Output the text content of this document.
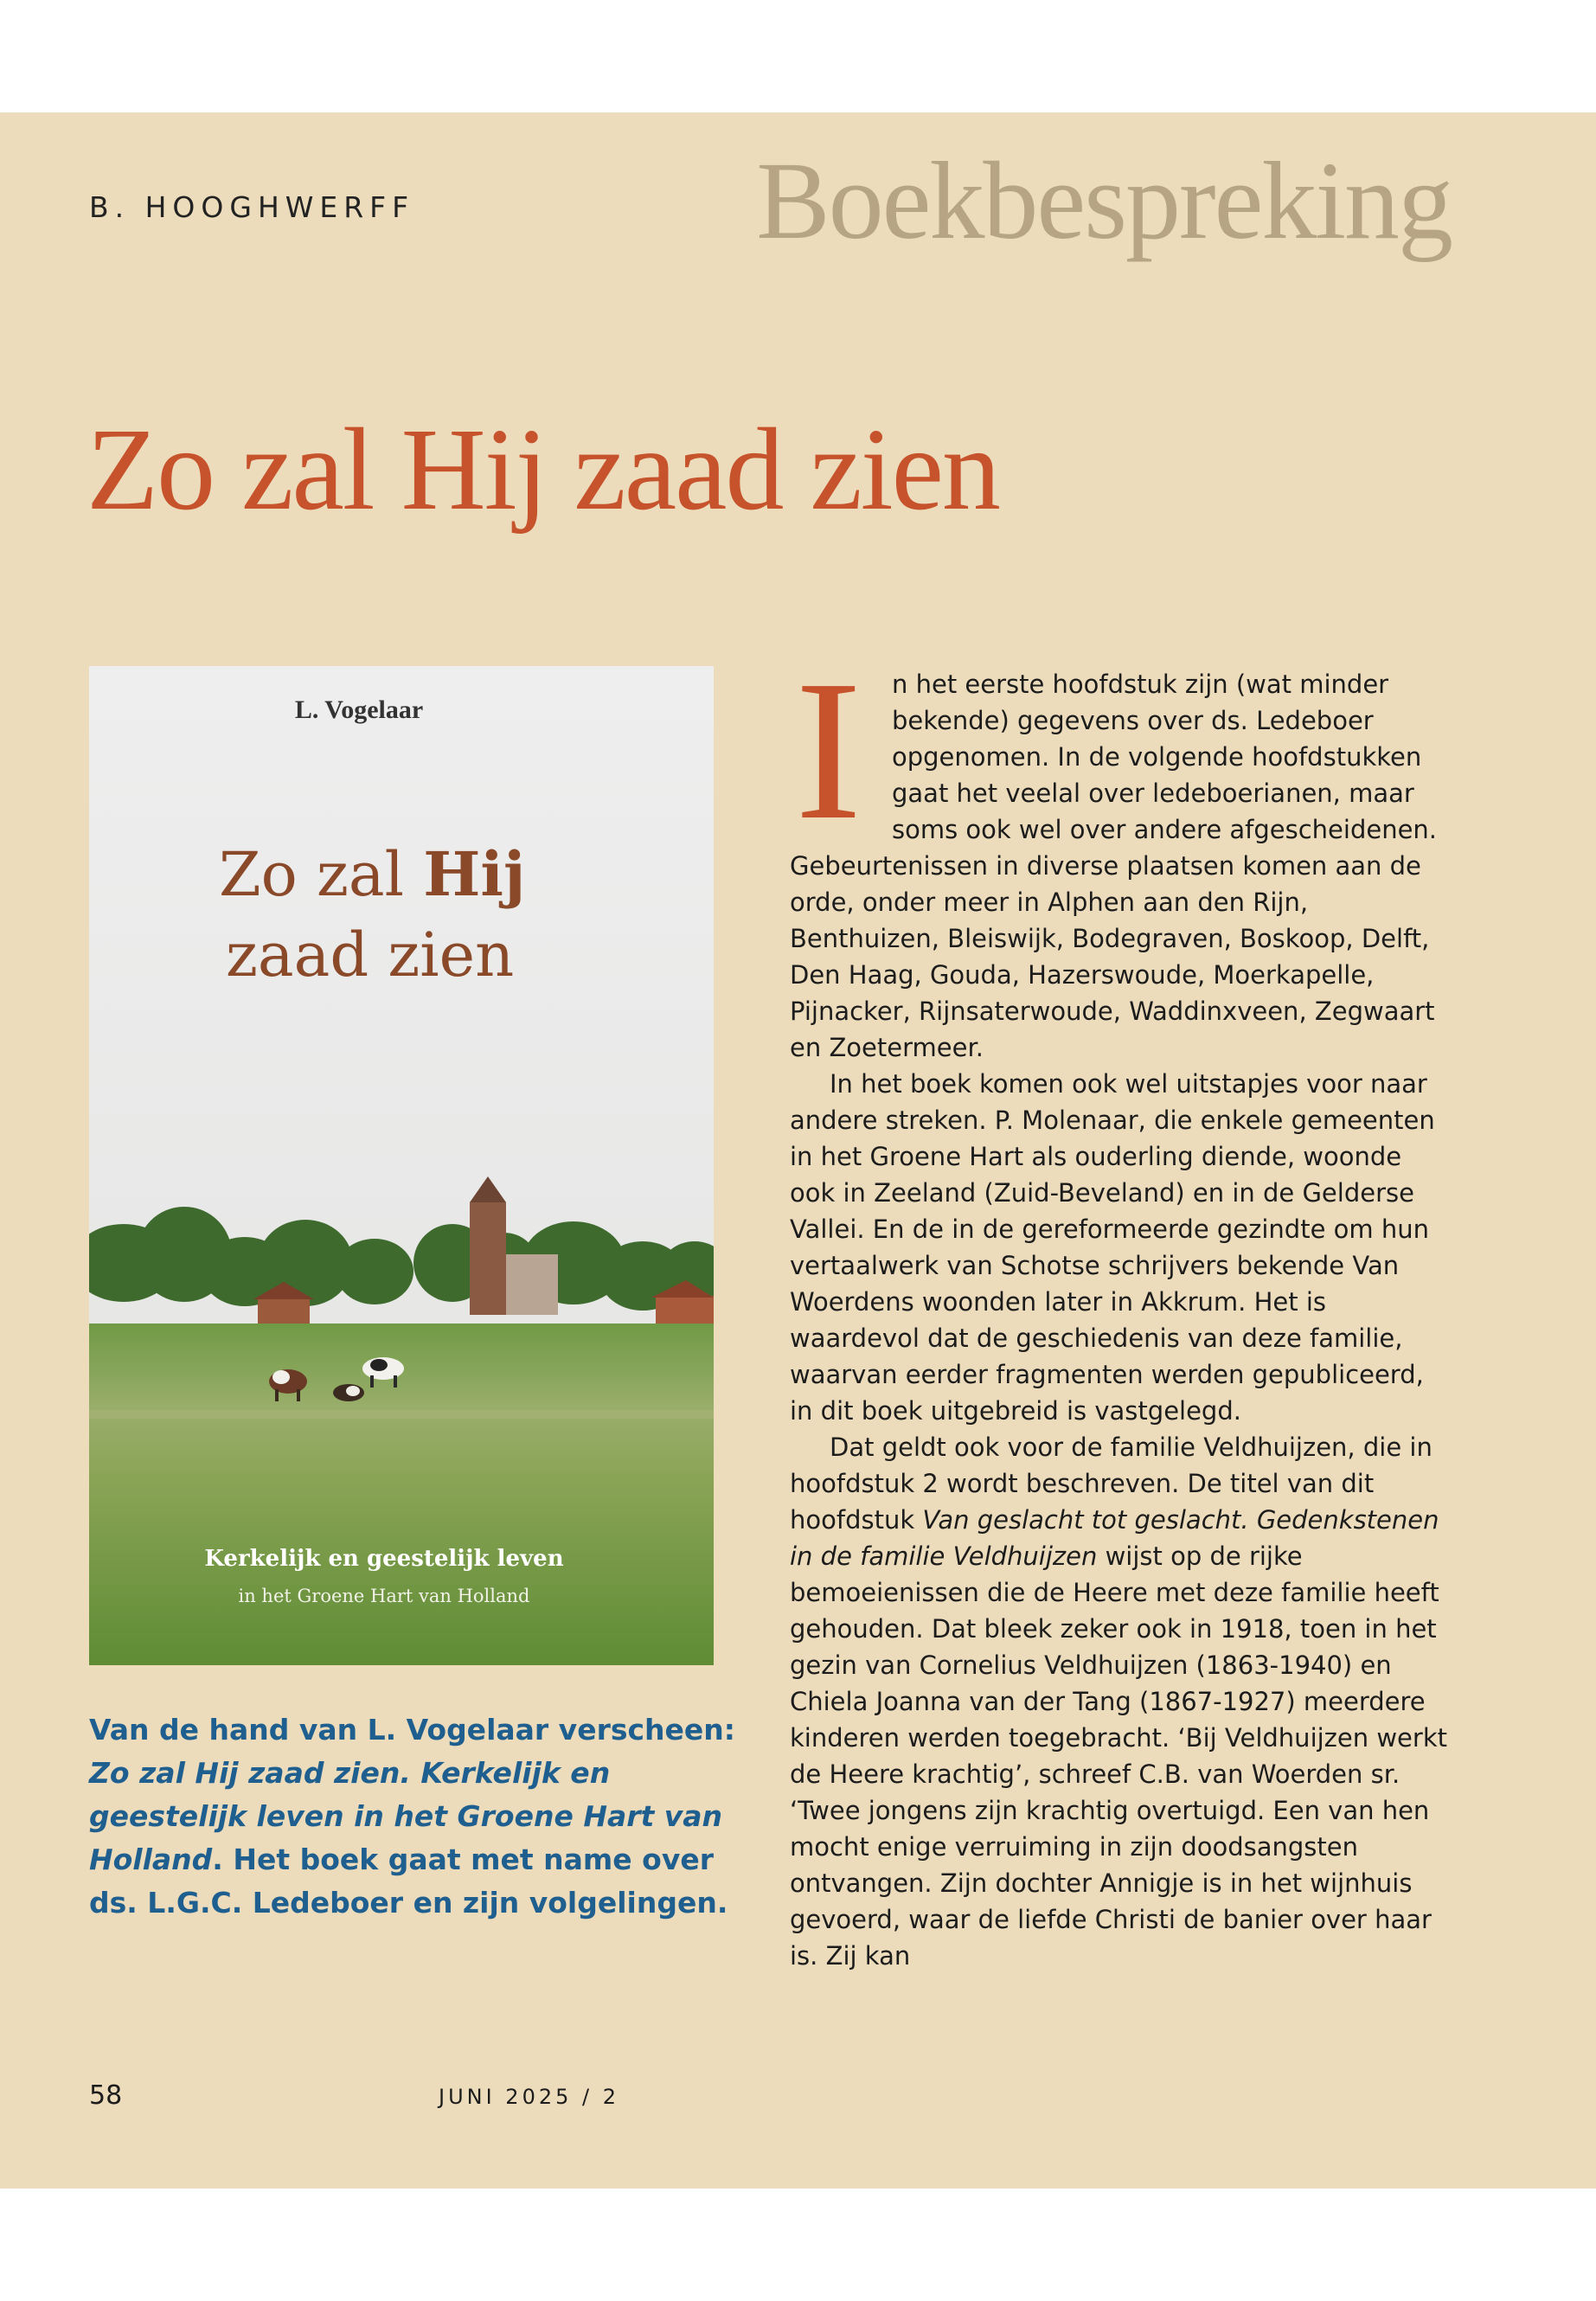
B. HOOGHWERFF	Boekbespreking
Zo zal Hij zaad zien
L. Vogelaar
Zo zal Hij
zaad zien
Kerkelijk en geestelijk leven
in het Groene Hart van Holland
Van de hand van L. Vogelaar verscheen: Zo zal Hij zaad zien. Kerkelijk en geestelijk leven in het Groene Hart van Holland. Het boek gaat met name over ds. L.G.C. Ledeboer en zijn volgelingen.
I	n het eerste hoofdstuk zijn (wat minder bekende) gegevens over ds. Ledeboer opgenomen. In de volgende hoofdstukken gaat het veelal over ledeboerianen, maar soms ook wel over andere afgescheidenen. Gebeurtenissen in diverse plaatsen komen aan de orde, onder meer in Alphen aan den Rijn, Benthuizen, Bleiswijk, Bodegraven, Boskoop, Delft, Den Haag, Gouda, Hazerswoude, Moerkapelle, Pijnacker, Rijnsaterwoude, Waddinxveen, Zegwaart en Zoetermeer.

In het boek komen ook wel uitstapjes voor naar andere streken. P. Molenaar, die enkele gemeenten in het Groene Hart als ouderling diende, woonde ook in Zeeland (Zuid-Beveland) en in de Gelderse Vallei. En de in de gereformeerde gezindte om hun vertaalwerk van Schotse schrijvers bekende Van Woerdens woonden later in Akkrum. Het is waardevol dat de geschiedenis van deze familie, waarvan eerder fragmenten werden gepubliceerd, in dit boek uitgebreid is vastgelegd.

Dat geldt ook voor de familie Veldhuijzen, die in hoofdstuk 2 wordt beschreven. De titel van dit hoofdstuk Van geslacht tot geslacht. Gedenkstenen in de familie Veldhuijzen wijst op de rijke bemoeienissen die de Heere met deze familie heeft gehouden. Dat bleek zeker ook in 1918, toen in het gezin van Cornelius Veldhuijzen (1863-1940) en Chiela Joanna van der Tang (1867-1927) meerdere kinderen werden toegebracht. ‘Bij Veldhuijzen werkt de Heere krachtig’, schreef C.B. van Woerden sr. ‘Twee jongens zijn krachtig overtuigd. Een van hen mocht enige verruiming in zijn doodsangsten ontvangen. Zijn dochter Annigje is in het wijnhuis gevoerd, waar de liefde Christi de banier over haar is. Zij kan

58	JUNI 2025 / 2
